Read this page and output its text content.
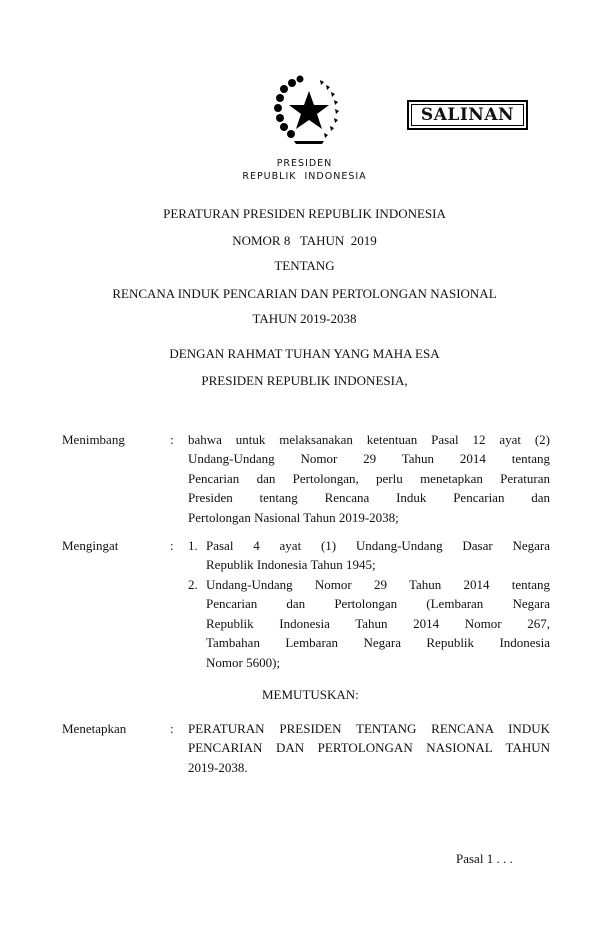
SALINAN
PRESIDEN
REPUBLIK  INDONESIA
PERATURAN PRESIDEN REPUBLIK INDONESIA
NOMOR 8   TAHUN  2019
TENTANG
RENCANA INDUK PENCARIAN DAN PERTOLONGAN NASIONAL
TAHUN 2019-2038
DENGAN RAHMAT TUHAN YANG MAHA ESA
PRESIDEN REPUBLIK INDONESIA,
Menimbang	: bahwa untuk melaksanakan ketentuan Pasal 12 ayat (2)
Undang-Undang Nomor 29 Tahun 2014 tentang
Pencarian dan Pertolongan, perlu menetapkan Peraturan
Presiden tentang Rencana Induk Pencarian dan
Pertolongan Nasional Tahun 2019-2038;
Mengingat	: 1. Pasal 4 ayat (1) Undang-Undang Dasar Negara
Republik Indonesia Tahun 1945;
2. Undang-Undang Nomor 29 Tahun 2014 tentang
Pencarian dan Pertolongan (Lembaran Negara
Republik Indonesia Tahun 2014 Nomor 267,
Tambahan Lembaran Negara Republik Indonesia
Nomor 5600);
MEMUTUSKAN:
Menetapkan	: PERATURAN PRESIDEN TENTANG RENCANA INDUK
PENCARIAN DAN PERTOLONGAN NASIONAL TAHUN
2019-2038.
Pasal 1 . . .
